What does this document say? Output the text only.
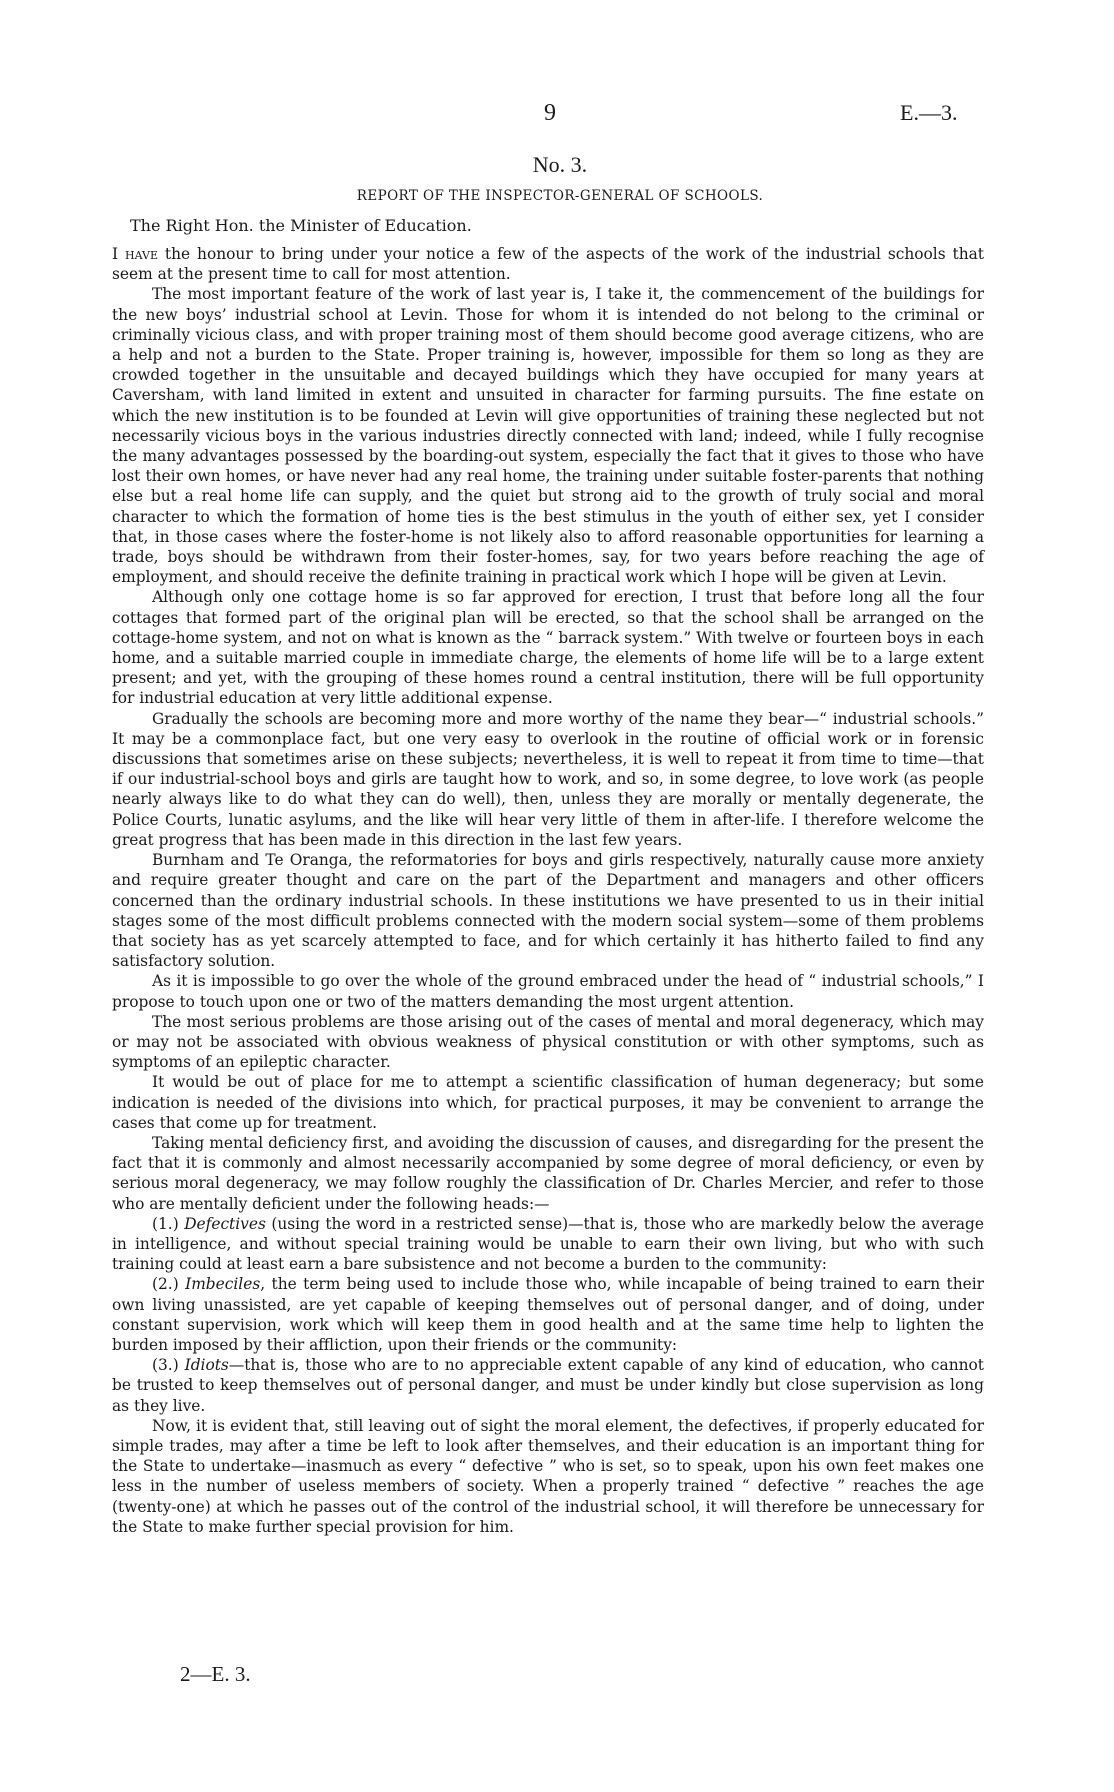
9	E.—3.
No. 3.
REPORT OF THE INSPECTOR-GENERAL OF SCHOOLS.
The Right Hon. the Minister of Education.

I have the honour to bring under your notice a few of the aspects of the work of the industrial schools that seem at the present time to call for most attention.

The most important feature of the work of last year is, I take it, the commencement of the buildings for the new boys’ industrial school at Levin. Those for whom it is intended do not belong to the criminal or criminally vicious class, and with proper training most of them should become good average citizens, who are a help and not a burden to the State. Proper training is, however, impossible for them so long as they are crowded together in the unsuitable and decayed buildings which they have occupied for many years at Caversham, with land limited in extent and unsuited in character for farming pursuits. The fine estate on which the new institution is to be founded at Levin will give opportunities of training these neglected but not necessarily vicious boys in the various industries directly connected with land; indeed, while I fully recognise the many advantages possessed by the boarding-out system, especially the fact that it gives to those who have lost their own homes, or have never had any real home, the training under suitable foster-parents that nothing else but a real home life can supply, and the quiet but strong aid to the growth of truly social and moral character to which the formation of home ties is the best stimulus in the youth of either sex, yet I consider that, in those cases where the foster-home is not likely also to afford reasonable opportunities for learning a trade, boys should be withdrawn from their foster-homes, say, for two years before reaching the age of employment, and should receive the definite training in practical work which I hope will be given at Levin.

Although only one cottage home is so far approved for erection, I trust that before long all the four cottages that formed part of the original plan will be erected, so that the school shall be arranged on the cottage-home system, and not on what is known as the “ barrack system.” With twelve or fourteen boys in each home, and a suitable married couple in immediate charge, the elements of home life will be to a large extent present; and yet, with the grouping of these homes round a central institution, there will be full opportunity for industrial education at very little additional expense.

Gradually the schools are becoming more and more worthy of the name they bear—“ industrial schools.” It may be a commonplace fact, but one very easy to overlook in the routine of official work or in forensic discussions that sometimes arise on these subjects; nevertheless, it is well to repeat it from time to time—that if our industrial-school boys and girls are taught how to work, and so, in some degree, to love work (as people nearly always like to do what they can do well), then, unless they are morally or mentally degenerate, the Police Courts, lunatic asylums, and the like will hear very little of them in after-life. I therefore welcome the great progress that has been made in this direction in the last few years.

Burnham and Te Oranga, the reformatories for boys and girls respectively, naturally cause more anxiety and require greater thought and care on the part of the Department and managers and other officers concerned than the ordinary industrial schools. In these institutions we have presented to us in their initial stages some of the most difficult problems connected with the modern social system—some of them problems that society has as yet scarcely attempted to face, and for which certainly it has hitherto failed to find any satisfactory solution.

As it is impossible to go over the whole of the ground embraced under the head of “ industrial schools,” I propose to touch upon one or two of the matters demanding the most urgent attention.

The most serious problems are those arising out of the cases of mental and moral degeneracy, which may or may not be associated with obvious weakness of physical constitution or with other symptoms, such as symptoms of an epileptic character.

It would be out of place for me to attempt a scientific classification of human degeneracy; but some indication is needed of the divisions into which, for practical purposes, it may be convenient to arrange the cases that come up for treatment.

Taking mental deficiency first, and avoiding the discussion of causes, and disregarding for the present the fact that it is commonly and almost necessarily accompanied by some degree of moral deficiency, or even by serious moral degeneracy, we may follow roughly the classification of Dr. Charles Mercier, and refer to those who are mentally deficient under the following heads:—

(1.) Defectives (using the word in a restricted sense)—that is, those who are markedly below the average in intelligence, and without special training would be unable to earn their own living, but who with such training could at least earn a bare subsistence and not become a burden to the community:

(2.) Imbeciles, the term being used to include those who, while incapable of being trained to earn their own living unassisted, are yet capable of keeping themselves out of personal danger, and of doing, under constant supervision, work which will keep them in good health and at the same time help to lighten the burden imposed by their affliction, upon their friends or the community:

(3.) Idiots—that is, those who are to no appreciable extent capable of any kind of education, who cannot be trusted to keep themselves out of personal danger, and must be under kindly but close supervision as long as they live.

Now, it is evident that, still leaving out of sight the moral element, the defectives, if properly educated for simple trades, may after a time be left to look after themselves, and their education is an important thing for the State to undertake—inasmuch as every “ defective ” who is set, so to speak, upon his own feet makes one less in the number of useless members of society. When a properly trained “ defective ” reaches the age (twenty-one) at which he passes out of the control of the industrial school, it will therefore be unnecessary for the State to make further special provision for him.

2—E. 3.
